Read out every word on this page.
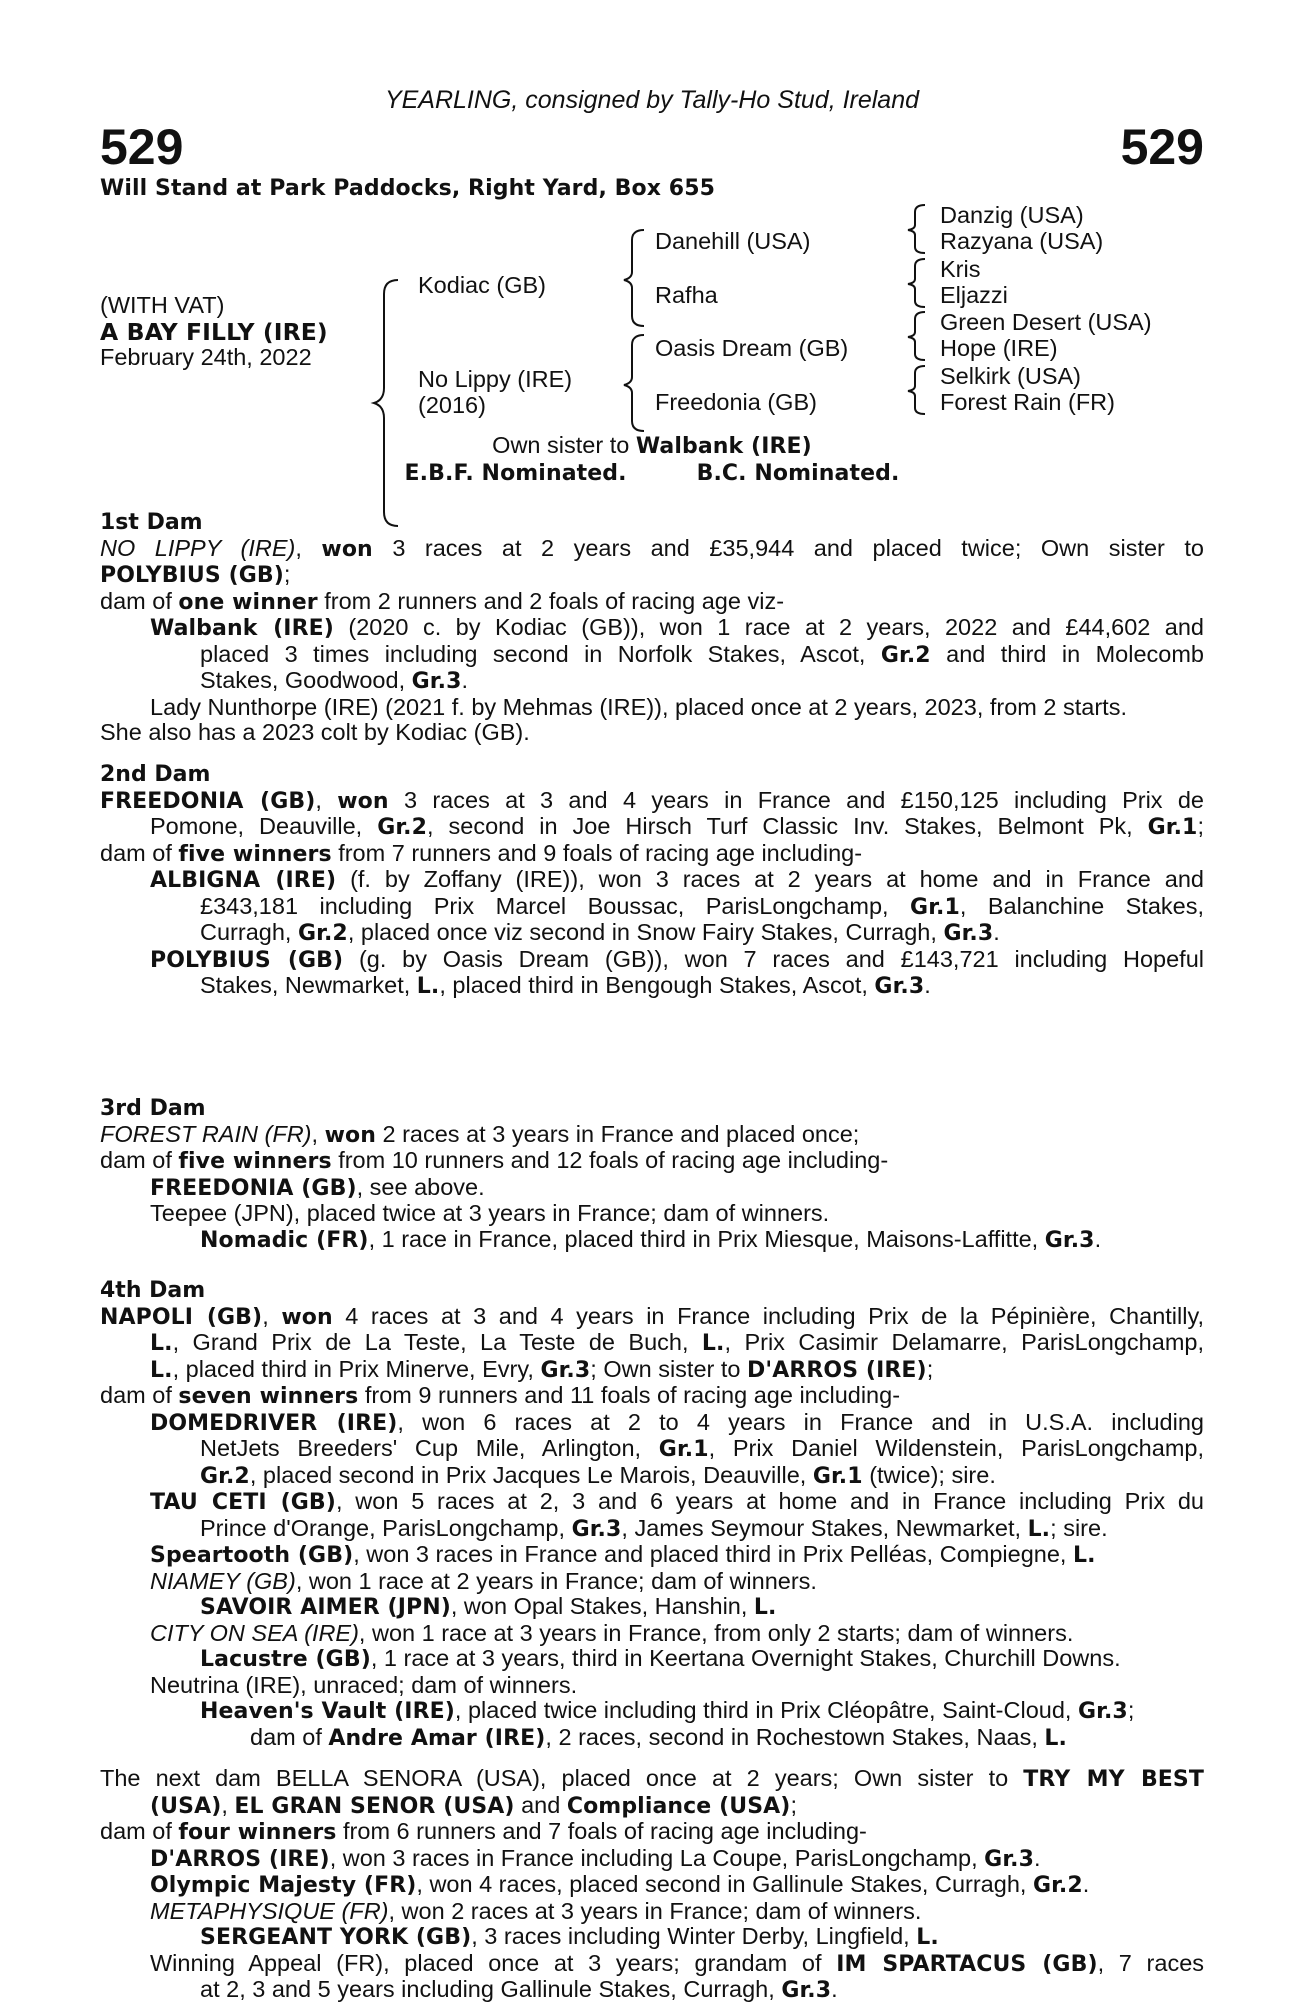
YEARLING, consigned by Tally-Ho Stud, Ireland
529	529
Will Stand at Park Paddocks, Right Yard, Box 655
(WITH VAT)
A BAY FILLY (IRE)
February 24th, 2022
Kodiac (GB)
No Lippy (IRE)
(2016)
Danehill (USA)
Rafha
Oasis Dream (GB)
Freedonia (GB)
Danzig (USA)
Razyana (USA)
Kris
Eljazzi
Green Desert (USA)
Hope (IRE)
Selkirk (USA)
Forest Rain (FR)
Own sister to Walbank (IRE)
E.B.F. Nominated.	B.C. Nominated.
1st Dam
NO LIPPY (IRE), won 3 races at 2 years and £35,944 and placed twice; Own sister to
POLYBIUS (GB);
dam of one winner from 2 runners and 2 foals of racing age viz-
Walbank (IRE) (2020 c. by Kodiac (GB)), won 1 race at 2 years, 2022 and £44,602 and
placed 3 times including second in Norfolk Stakes, Ascot, Gr.2 and third in Molecomb
Stakes, Goodwood, Gr.3.
Lady Nunthorpe (IRE) (2021 f. by Mehmas (IRE)), placed once at 2 years, 2023, from 2 starts.
She also has a 2023 colt by Kodiac (GB).
2nd Dam
FREEDONIA (GB), won 3 races at 3 and 4 years in France and £150,125 including Prix de
Pomone, Deauville, Gr.2, second in Joe Hirsch Turf Classic Inv. Stakes, Belmont Pk, Gr.1;
dam of five winners from 7 runners and 9 foals of racing age including-
ALBIGNA (IRE) (f. by Zoffany (IRE)), won 3 races at 2 years at home and in France and
£343,181 including Prix Marcel Boussac, ParisLongchamp, Gr.1, Balanchine Stakes,
Curragh, Gr.2, placed once viz second in Snow Fairy Stakes, Curragh, Gr.3.
POLYBIUS (GB) (g. by Oasis Dream (GB)), won 7 races and £143,721 including Hopeful
Stakes, Newmarket, L., placed third in Bengough Stakes, Ascot, Gr.3.
3rd Dam
FOREST RAIN (FR), won 2 races at 3 years in France and placed once;
dam of five winners from 10 runners and 12 foals of racing age including-
FREEDONIA (GB), see above.
Teepee (JPN), placed twice at 3 years in France; dam of winners.
Nomadic (FR), 1 race in France, placed third in Prix Miesque, Maisons-Laffitte, Gr.3.
4th Dam
NAPOLI (GB), won 4 races at 3 and 4 years in France including Prix de la Pépinière, Chantilly,
L., Grand Prix de La Teste, La Teste de Buch, L., Prix Casimir Delamarre, ParisLongchamp,
L., placed third in Prix Minerve, Evry, Gr.3; Own sister to D'ARROS (IRE);
dam of seven winners from 9 runners and 11 foals of racing age including-
DOMEDRIVER (IRE), won 6 races at 2 to 4 years in France and in U.S.A. including
NetJets Breeders' Cup Mile, Arlington, Gr.1, Prix Daniel Wildenstein, ParisLongchamp,
Gr.2, placed second in Prix Jacques Le Marois, Deauville, Gr.1 (twice); sire.
TAU CETI (GB), won 5 races at 2, 3 and 6 years at home and in France including Prix du
Prince d'Orange, ParisLongchamp, Gr.3, James Seymour Stakes, Newmarket, L.; sire.
Speartooth (GB), won 3 races in France and placed third in Prix Pelléas, Compiegne, L.
NIAMEY (GB), won 1 race at 2 years in France; dam of winners.
SAVOIR AIMER (JPN), won Opal Stakes, Hanshin, L.
CITY ON SEA (IRE), won 1 race at 3 years in France, from only 2 starts; dam of winners.
Lacustre (GB), 1 race at 3 years, third in Keertana Overnight Stakes, Churchill Downs.
Neutrina (IRE), unraced; dam of winners.
Heaven's Vault (IRE), placed twice including third in Prix Cléopâtre, Saint-Cloud, Gr.3;
dam of Andre Amar (IRE), 2 races, second in Rochestown Stakes, Naas, L.
The next dam BELLA SENORA (USA), placed once at 2 years; Own sister to TRY MY BEST
(USA), EL GRAN SENOR (USA) and Compliance (USA);
dam of four winners from 6 runners and 7 foals of racing age including-
D'ARROS (IRE), won 3 races in France including La Coupe, ParisLongchamp, Gr.3.
Olympic Majesty (FR), won 4 races, placed second in Gallinule Stakes, Curragh, Gr.2.
METAPHYSIQUE (FR), won 2 races at 3 years in France; dam of winners.
SERGEANT YORK (GB), 3 races including Winter Derby, Lingfield, L.
Winning Appeal (FR), placed once at 3 years; grandam of IM SPARTACUS (GB), 7 races
at 2, 3 and 5 years including Gallinule Stakes, Curragh, Gr.3.
